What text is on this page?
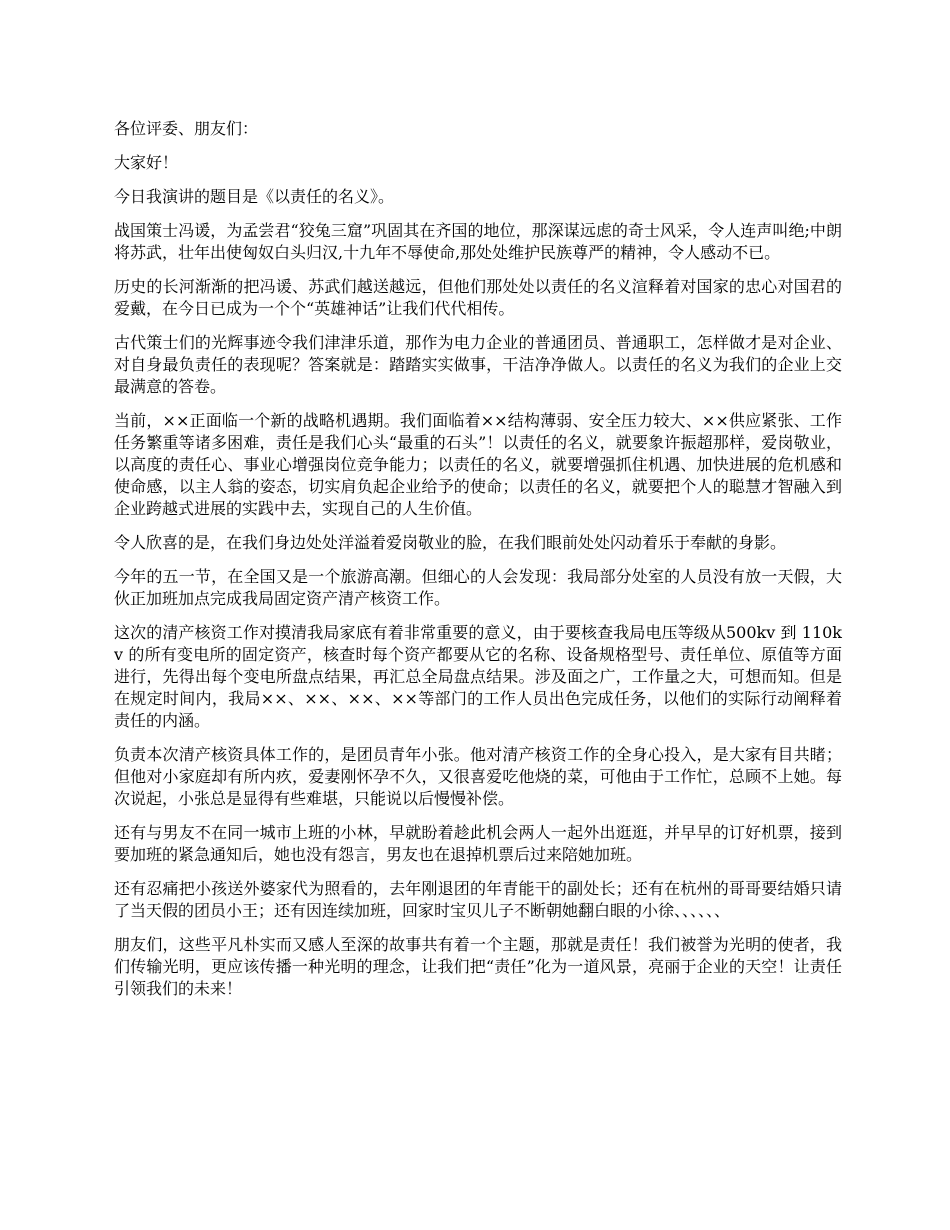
各位评委、朋友们：

大家好！

今日我演讲的题目是《以责任的名义》。

战国策士冯谖，为孟尝君“狡兔三窟”巩固其在齐国的地位，那深谋远虑的奇士风采，令人连声叫绝;中朗将苏武，壮年出使匈奴白头归汉,十九年不辱使命,那处处维护民族尊严的精神，令人感动不已。

历史的长河渐渐的把冯谖、苏武们越送越远，但他们那处处以责任的名义渲释着对国家的忠心对国君的爱戴，在今日已成为一个个“英雄神话”让我们代代相传。

古代策士们的光辉事迹令我们津津乐道，那作为电力企业的普通团员、普通职工，怎样做才是对企业、对自身最负责任的表现呢？答案就是：踏踏实实做事，干洁净净做人。以责任的名义为我们的企业上交最满意的答卷。

当前，××正面临一个新的战略机遇期。我们面临着××结构薄弱、安全压力较大、××供应紧张、工作任务繁重等诸多困难，责任是我们心头“最重的石头”！以责任的名义，就要象许振超那样，爱岗敬业，以高度的责任心、事业心增强岗位竞争能力；以责任的名义，就要增强抓住机遇、加快进展的危机感和使命感，以主人翁的姿态，切实肩负起企业给予的使命；以责任的名义，就要把个人的聪慧才智融入到企业跨越式进展的实践中去，实现自己的人生价值。

令人欣喜的是，在我们身边处处洋溢着爱岗敬业的脸，在我们眼前处处闪动着乐于奉献的身影。

今年的五一节，在全国又是一个旅游高潮。但细心的人会发现：我局部分处室的人员没有放一天假，大伙正加班加点完成我局固定资产清产核资工作。

这次的清产核资工作对摸清我局家底有着非常重要的意义，由于要核查我局电压等级从500kv 到 110kv 的所有变电所的固定资产，核查时每个资产都要从它的名称、设备规格型号、责任单位、原值等方面进行，先得出每个变电所盘点结果，再汇总全局盘点结果。涉及面之广，工作量之大，可想而知。但是在规定时间内，我局××、××、××、××等部门的工作人员出色完成任务，以他们的实际行动阐释着责任的内涵。

负责本次清产核资具体工作的，是团员青年小张。他对清产核资工作的全身心投入，是大家有目共睹；但他对小家庭却有所内疚，爱妻刚怀孕不久，又很喜爱吃他烧的菜，可他由于工作忙，总顾不上她。每次说起，小张总是显得有些难堪，只能说以后慢慢补偿。

还有与男友不在同一城市上班的小林，早就盼着趁此机会两人一起外出逛逛，并早早的订好机票，接到要加班的紧急通知后，她也没有怨言，男友也在退掉机票后过来陪她加班。

还有忍痛把小孩送外婆家代为照看的，去年刚退团的年青能干的副处长；还有在杭州的哥哥要结婚只请了当天假的团员小王；还有因连续加班，回家时宝贝儿子不断朝她翻白眼的小徐、、、、、、

朋友们，这些平凡朴实而又感人至深的故事共有着一个主题，那就是责任！我们被誉为光明的使者，我们传输光明，更应该传播一种光明的理念，让我们把“责任”化为一道风景，亮丽于企业的天空！让责任引领我们的未来！
